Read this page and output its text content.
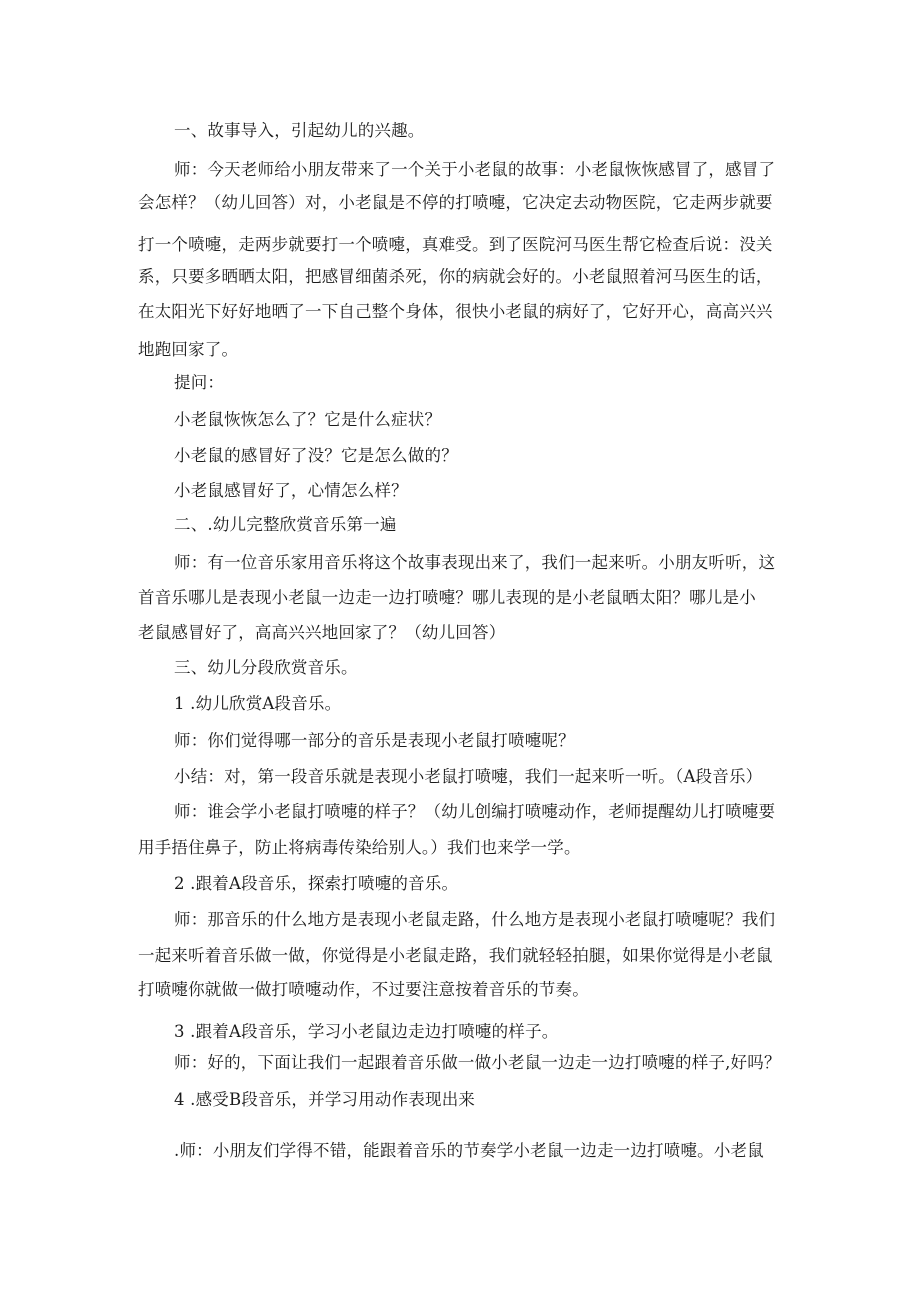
一、故事导入，引起幼儿的兴趣。
师：今天老师给小朋友带来了一个关于小老鼠的故事：小老鼠恢恢感冒了，感冒了
会怎样？（幼儿回答）对，小老鼠是不停的打喷嚏，它决定去动物医院，它走两步就要
打一个喷嚏，走两步就要打一个喷嚏，真难受。到了医院河马医生帮它检查后说：没关
系，只要多晒晒太阳，把感冒细菌杀死，你的病就会好的。小老鼠照着河马医生的话，
在太阳光下好好地晒了一下自己整个身体，很快小老鼠的病好了，它好开心，高高兴兴
地跑回家了。
提问：
小老鼠恢恢怎么了？它是什么症状？
小老鼠的感冒好了没？它是怎么做的？
小老鼠感冒好了，心情怎么样？
二、.幼儿完整欣赏音乐第一遍
师：有一位音乐家用音乐将这个故事表现出来了，我们一起来听。小朋友听听，这
首音乐哪儿是表现小老鼠一边走一边打喷嚏？哪儿表现的是小老鼠晒太阳？哪儿是小
老鼠感冒好了，高高兴兴地回家了？（幼儿回答）
三、幼儿分段欣赏音乐。
1 .幼儿欣赏A段音乐。
师：你们觉得哪一部分的音乐是表现小老鼠打喷嚏呢？
小结：对，第一段音乐就是表现小老鼠打喷嚏，我们一起来听一听。（A段音乐）
师：谁会学小老鼠打喷嚏的样子？（幼儿创编打喷嚏动作，老师提醒幼儿打喷嚏要
用手捂住鼻子，防止将病毒传染给别人。）我们也来学一学。
2 .跟着A段音乐，探索打喷嚏的音乐。
师：那音乐的什么地方是表现小老鼠走路，什么地方是表现小老鼠打喷嚏呢？我们
一起来听着音乐做一做，你觉得是小老鼠走路，我们就轻轻拍腿，如果你觉得是小老鼠
打喷嚏你就做一做打喷嚏动作，不过要注意按着音乐的节奏。
3 .跟着A段音乐，学习小老鼠边走边打喷嚏的样子。
师：好的，下面让我们一起跟着音乐做一做小老鼠一边走一边打喷嚏的样子,好吗？
4 .感受B段音乐，并学习用动作表现出来
.师：小朋友们学得不错，能跟着音乐的节奏学小老鼠一边走一边打喷嚏。小老鼠
